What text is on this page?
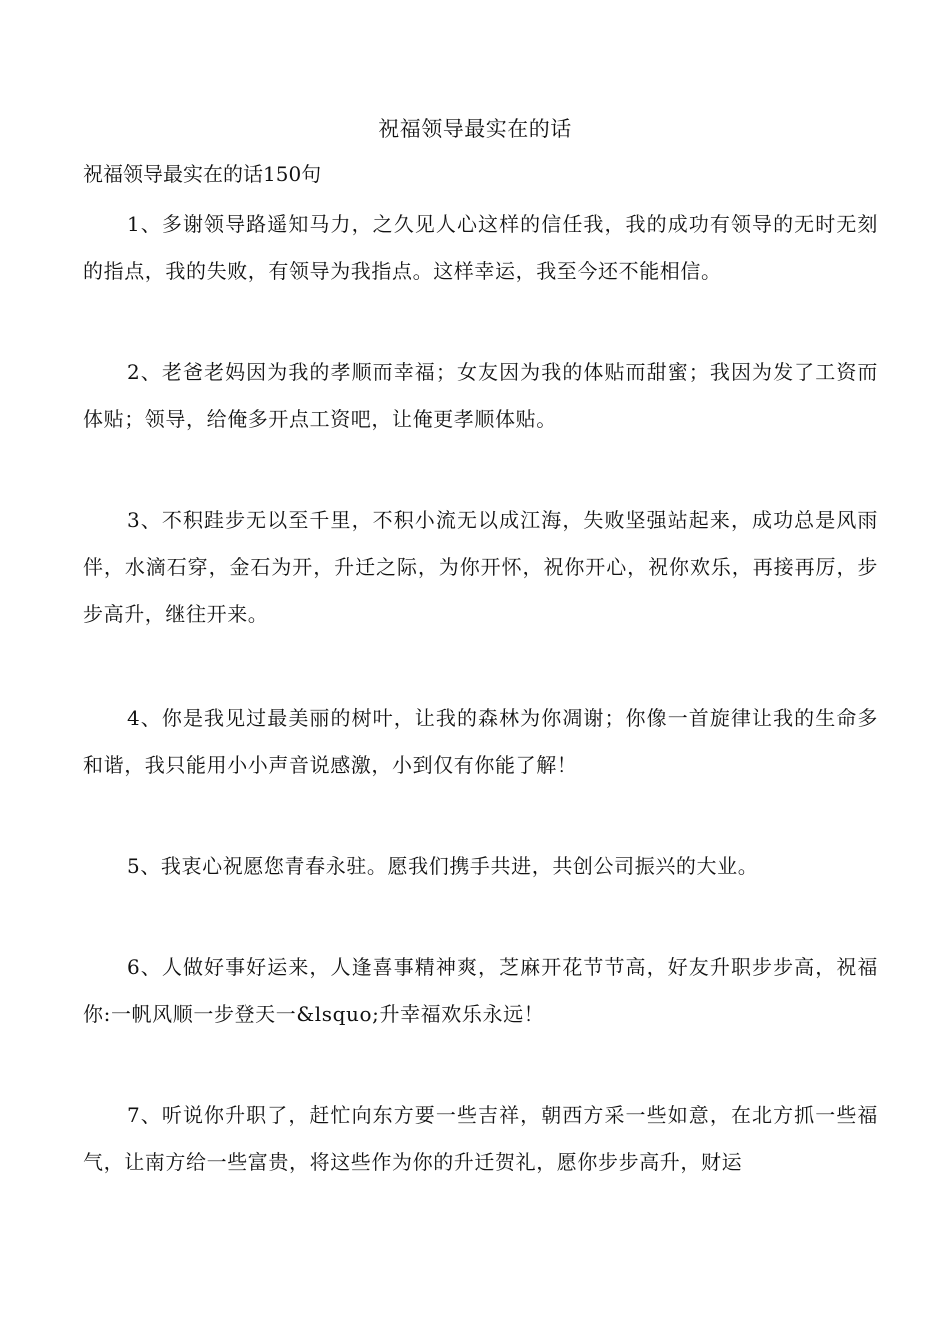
祝福领导最实在的话
祝福领导最实在的话150句

1、多谢领导路遥知马力，之久见人心这样的信任我，我的成功有领导的无时无刻的指点，我的失败，有领导为我指点。这样幸运，我至今还不能相信。

2、老爸老妈因为我的孝顺而幸福；女友因为我的体贴而甜蜜；我因为发了工资而体贴；领导，给俺多开点工资吧，让俺更孝顺体贴。

3、不积跬步无以至千里，不积小流无以成江海，失败坚强站起来，成功总是风雨伴，水滴石穿，金石为开，升迁之际，为你开怀，祝你开心，祝你欢乐，再接再厉，步步高升，继往开来。

4、你是我见过最美丽的树叶，让我的森林为你凋谢；你像一首旋律让我的生命多和谐，我只能用小小声音说感激，小到仅有你能了解！

5、我衷心祝愿您青春永驻。愿我们携手共进，共创公司振兴的大业。

6、人做好事好运来，人逢喜事精神爽，芝麻开花节节高，好友升职步步高，祝福你:一帆风顺一步登天一&lsquo;升幸福欢乐永远！

7、听说你升职了，赶忙向东方要一些吉祥，朝西方采一些如意，在北方抓一些福气，让南方给一些富贵，将这些作为你的升迁贺礼，愿你步步高升，财运
